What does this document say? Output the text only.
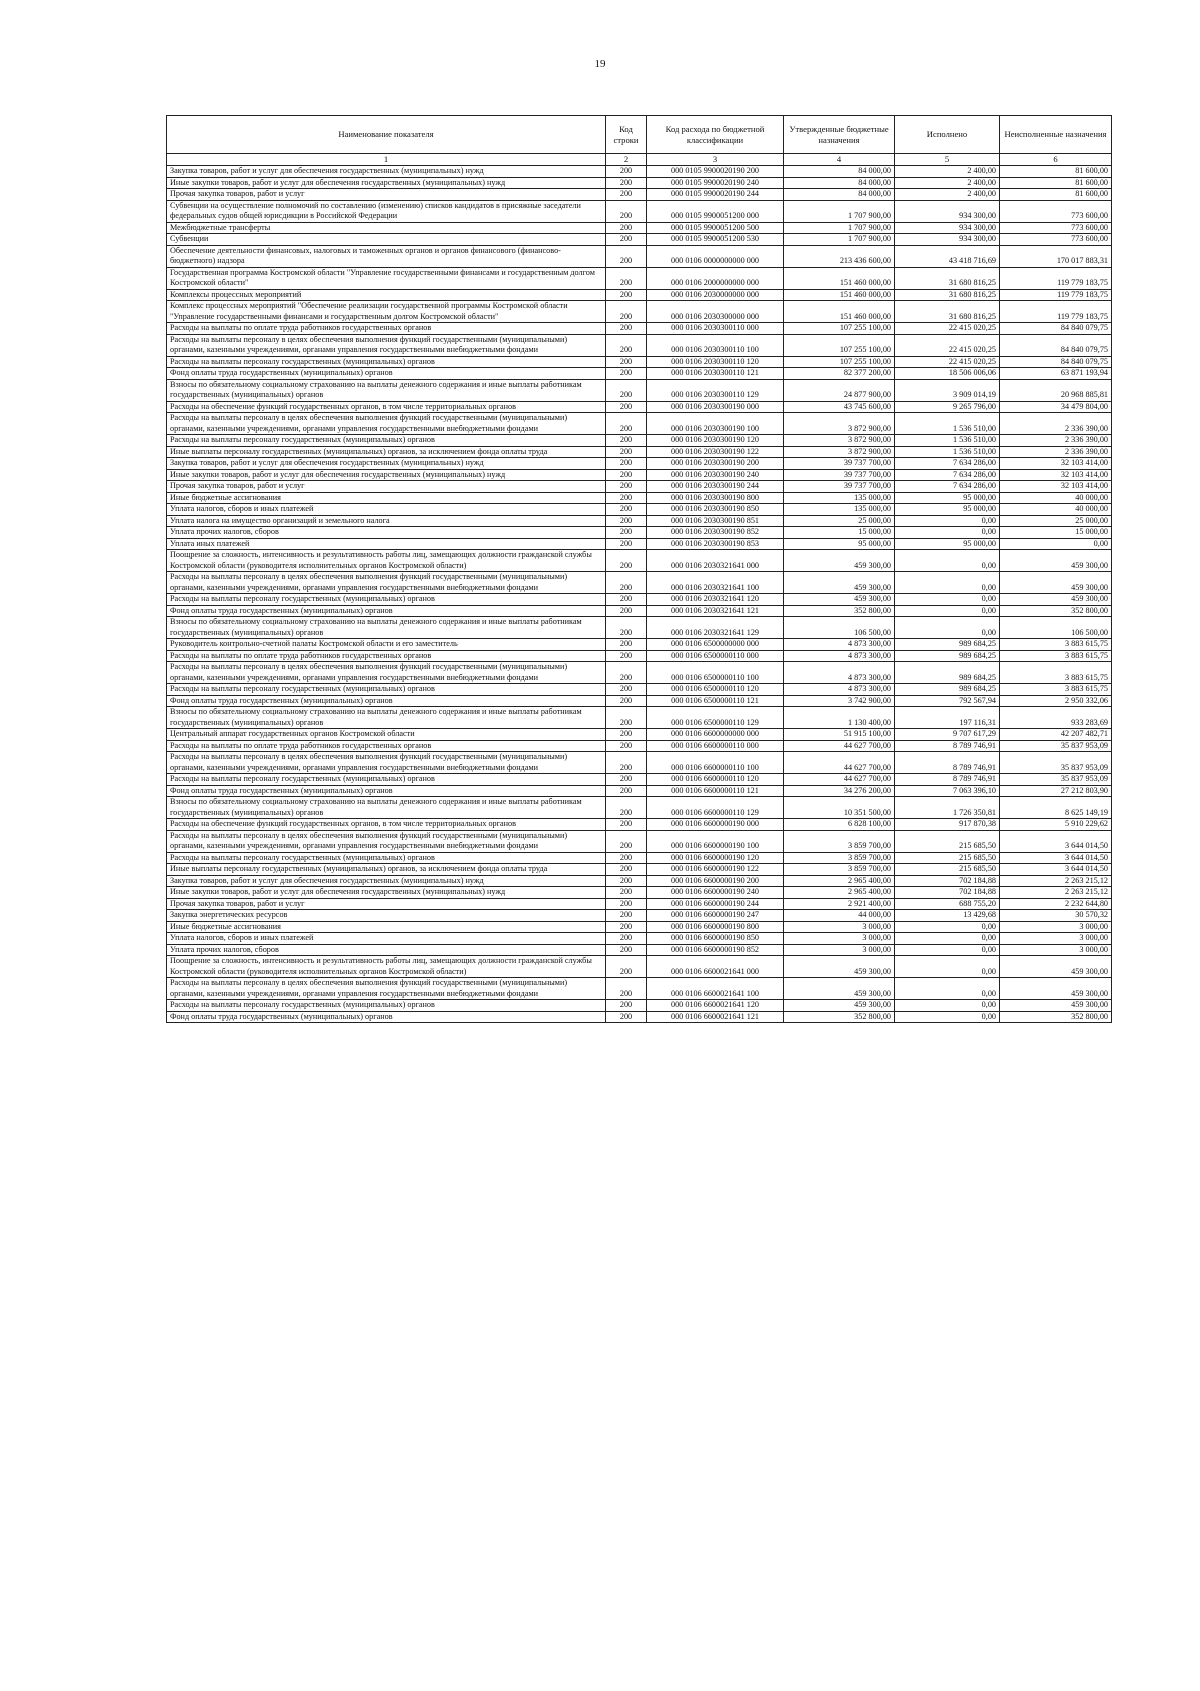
19
Наименование показателя	Код строки	Код расхода по бюджетной классификации	Утвержденные бюджетные назначения	Исполнено	Неисполненные назначения
1	2	3	4	5	6
Закупка товаров, работ и услуг для обеспечения государственных (муниципальных) нужд	200	000 0105 9900020190 200	84 000,00	2 400,00	81 600,00
Иные закупки товаров, работ и услуг для обеспечения государственных (муниципальных) нужд	200	000 0105 9900020190 240	84 000,00	2 400,00	81 600,00
Прочая закупка товаров, работ и услуг	200	000 0105 9900020190 244	84 000,00	2 400,00	81 600,00
Субвенции на осуществление полномочий по составлению (изменению) списков кандидатов в присяжные заседатели федеральных судов общей юрисдикции в Российской Федерации	200	000 0105 9900051200 000	1 707 900,00	934 300,00	773 600,00
Межбюджетные трансферты	200	000 0105 9900051200 500	1 707 900,00	934 300,00	773 600,00
Субвенции	200	000 0105 9900051200 530	1 707 900,00	934 300,00	773 600,00
Обеспечение деятельности финансовых, налоговых и таможенных органов и органов финансового (финансово-бюджетного) надзора	200	000 0106 0000000000 000	213 436 600,00	43 418 716,69	170 017 883,31
Государственная программа Костромской области "Управление государственными финансами и государственным долгом Костромской области"	200	000 0106 2000000000 000	151 460 000,00	31 680 816,25	119 779 183,75
Комплексы процессных мероприятий	200	000 0106 2030000000 000	151 460 000,00	31 680 816,25	119 779 183,75
Комплекс процессных мероприятий "Обеспечение реализации государственной программы Костромской области "Управление государственными финансами и государственным долгом Костромской области"	200	000 0106 2030300000 000	151 460 000,00	31 680 816,25	119 779 183,75
Расходы на выплаты по оплате труда работников государственных органов	200	000 0106 2030300110 000	107 255 100,00	22 415 020,25	84 840 079,75
Расходы на выплаты персоналу в целях обеспечения выполнения функций государственными (муниципальными) органами, казенными учреждениями, органами управления государственными внебюджетными фондами	200	000 0106 2030300110 100	107 255 100,00	22 415 020,25	84 840 079,75
Расходы на выплаты персоналу государственных (муниципальных) органов	200	000 0106 2030300110 120	107 255 100,00	22 415 020,25	84 840 079,75
Фонд оплаты труда государственных (муниципальных) органов	200	000 0106 2030300110 121	82 377 200,00	18 506 006,06	63 871 193,94
Взносы по обязательному социальному страхованию на выплаты денежного содержания и иные выплаты работникам государственных (муниципальных) органов	200	000 0106 2030300110 129	24 877 900,00	3 909 014,19	20 968 885,81
Расходы на обеспечение функций государственных органов, в том числе территориальных органов	200	000 0106 2030300190 000	43 745 600,00	9 265 796,00	34 479 804,00
Расходы на выплаты персоналу в целях обеспечения выполнения функций государственными (муниципальными) органами, казенными учреждениями, органами управления государственными внебюджетными фондами	200	000 0106 2030300190 100	3 872 900,00	1 536 510,00	2 336 390,00
Расходы на выплаты персоналу государственных (муниципальных) органов	200	000 0106 2030300190 120	3 872 900,00	1 536 510,00	2 336 390,00
Иные выплаты персоналу государственных (муниципальных) органов, за исключением фонда оплаты труда	200	000 0106 2030300190 122	3 872 900,00	1 536 510,00	2 336 390,00
Закупка товаров, работ и услуг для обеспечения государственных (муниципальных) нужд	200	000 0106 2030300190 200	39 737 700,00	7 634 286,00	32 103 414,00
Иные закупки товаров, работ и услуг для обеспечения государственных (муниципальных) нужд	200	000 0106 2030300190 240	39 737 700,00	7 634 286,00	32 103 414,00
Прочая закупка товаров, работ и услуг	200	000 0106 2030300190 244	39 737 700,00	7 634 286,00	32 103 414,00
Иные бюджетные ассигнования	200	000 0106 2030300190 800	135 000,00	95 000,00	40 000,00
Уплата налогов, сборов и иных платежей	200	000 0106 2030300190 850	135 000,00	95 000,00	40 000,00
Уплата налога на имущество организаций и земельного налога	200	000 0106 2030300190 851	25 000,00	0,00	25 000,00
Уплата прочих налогов, сборов	200	000 0106 2030300190 852	15 000,00	0,00	15 000,00
Уплата иных платежей	200	000 0106 2030300190 853	95 000,00	95 000,00	0,00
Поощрение за сложность, интенсивность и результативность работы лиц, замещающих должности гражданской службы Костромской области (руководителя исполнительных органов Костромской области)	200	000 0106 2030321641 000	459 300,00	0,00	459 300,00
Расходы на выплаты персоналу в целях обеспечения выполнения функций государственными (муниципальными) органами, казенными учреждениями, органами управления государственными внебюджетными фондами	200	000 0106 2030321641 100	459 300,00	0,00	459 300,00
Расходы на выплаты персоналу государственных (муниципальных) органов	200	000 0106 2030321641 120	459 300,00	0,00	459 300,00
Фонд оплаты труда государственных (муниципальных) органов	200	000 0106 2030321641 121	352 800,00	0,00	352 800,00
Взносы по обязательному социальному страхованию на выплаты денежного содержания и иные выплаты работникам государственных (муниципальных) органов	200	000 0106 2030321641 129	106 500,00	0,00	106 500,00
Руководитель контрольно-счетной палаты Костромской области и его заместитель	200	000 0106 6500000000 000	4 873 300,00	989 684,25	3 883 615,75
Расходы на выплаты по оплате труда работников государственных органов	200	000 0106 6500000110 000	4 873 300,00	989 684,25	3 883 615,75
Расходы на выплаты персоналу в целях обеспечения выполнения функций государственными (муниципальными) органами, казенными учреждениями, органами управления государственными внебюджетными фондами	200	000 0106 6500000110 100	4 873 300,00	989 684,25	3 883 615,75
Расходы на выплаты персоналу государственных (муниципальных) органов	200	000 0106 6500000110 120	4 873 300,00	989 684,25	3 883 615,75
Фонд оплаты труда государственных (муниципальных) органов	200	000 0106 6500000110 121	3 742 900,00	792 567,94	2 950 332,06
Взносы по обязательному социальному страхованию на выплаты денежного содержания и иные выплаты работникам государственных (муниципальных) органов	200	000 0106 6500000110 129	1 130 400,00	197 116,31	933 283,69
Центральный аппарат государственных органов Костромской области	200	000 0106 6600000000 000	51 915 100,00	9 707 617,29	42 207 482,71
Расходы на выплаты по оплате труда работников государственных органов	200	000 0106 6600000110 000	44 627 700,00	8 789 746,91	35 837 953,09
Расходы на выплаты персоналу в целях обеспечения выполнения функций государственными (муниципальными) органами, казенными учреждениями, органами управления государственными внебюджетными фондами	200	000 0106 6600000110 100	44 627 700,00	8 789 746,91	35 837 953,09
Расходы на выплаты персоналу государственных (муниципальных) органов	200	000 0106 6600000110 120	44 627 700,00	8 789 746,91	35 837 953,09
Фонд оплаты труда государственных (муниципальных) органов	200	000 0106 6600000110 121	34 276 200,00	7 063 396,10	27 212 803,90
Взносы по обязательному социальному страхованию на выплаты денежного содержания и иные выплаты работникам государственных (муниципальных) органов	200	000 0106 6600000110 129	10 351 500,00	1 726 350,81	8 625 149,19
Расходы на обеспечение функций государственных органов, в том числе территориальных органов	200	000 0106 6600000190 000	6 828 100,00	917 870,38	5 910 229,62
Расходы на выплаты персоналу в целях обеспечения выполнения функций государственными (муниципальными) органами, казенными учреждениями, органами управления государственными внебюджетными фондами	200	000 0106 6600000190 100	3 859 700,00	215 685,50	3 644 014,50
Расходы на выплаты персоналу государственных (муниципальных) органов	200	000 0106 6600000190 120	3 859 700,00	215 685,50	3 644 014,50
Иные выплаты персоналу государственных (муниципальных) органов, за исключением фонда оплаты труда	200	000 0106 6600000190 122	3 859 700,00	215 685,50	3 644 014,50
Закупка товаров, работ и услуг для обеспечения государственных (муниципальных) нужд	200	000 0106 6600000190 200	2 965 400,00	702 184,88	2 263 215,12
Иные закупки товаров, работ и услуг для обеспечения государственных (муниципальных) нужд	200	000 0106 6600000190 240	2 965 400,00	702 184,88	2 263 215,12
Прочая закупка товаров, работ и услуг	200	000 0106 6600000190 244	2 921 400,00	688 755,20	2 232 644,80
Закупка энергетических ресурсов	200	000 0106 6600000190 247	44 000,00	13 429,68	30 570,32
Иные бюджетные ассигнования	200	000 0106 6600000190 800	3 000,00	0,00	3 000,00
Уплата налогов, сборов и иных платежей	200	000 0106 6600000190 850	3 000,00	0,00	3 000,00
Уплата прочих налогов, сборов	200	000 0106 6600000190 852	3 000,00	0,00	3 000,00
Поощрение за сложность, интенсивность и результативность работы лиц, замещающих должности гражданской службы Костромской области (руководителя исполнительных органов Костромской области)	200	000 0106 6600021641 000	459 300,00	0,00	459 300,00
Расходы на выплаты персоналу в целях обеспечения выполнения функций государственными (муниципальными) органами, казенными учреждениями, органами управления государственными внебюджетными фондами	200	000 0106 6600021641 100	459 300,00	0,00	459 300,00
Расходы на выплаты персоналу государственных (муниципальных) органов	200	000 0106 6600021641 120	459 300,00	0,00	459 300,00
Фонд оплаты труда государственных (муниципальных) органов	200	000 0106 6600021641 121	352 800,00	0,00	352 800,00
